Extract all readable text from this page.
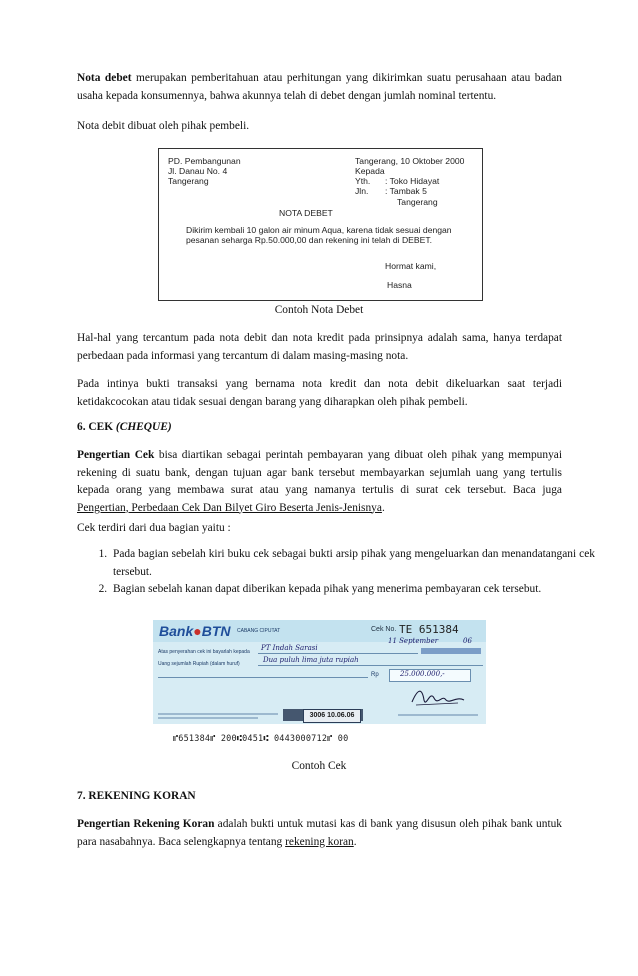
Nota debet merupakan pemberitahuan atau perhitungan yang dikirimkan suatu perusahaan atau badan usaha kepada konsumennya, bahwa akunnya telah di debet dengan jumlah nominal tertentu.

Nota debit dibuat oleh pihak pembeli.

PD. Pembangunan
Jl. Danau No. 4
Tangerang
Tangerang, 10 Oktober 2000
Kepada
Yth. : Toko Hidayat
Jln. : Tambak 5
Tangerang
NOTA DEBET
Dikirim kembali 10 galon air minum Aqua, karena tidak sesuai dengan
pesanan seharga Rp.50.000,00 dan rekening ini telah di DEBET.
Hormat kami,
Hasna
Contoh Nota Debet

Hal-hal yang tercantum pada nota debit dan nota kredit pada prinsipnya adalah sama, hanya terdapat perbedaan pada informasi yang tercantum di dalam masing-masing nota.

Pada intinya bukti transaksi yang bernama nota kredit dan nota debit dikeluarkan saat terjadi ketidakcocokan atau tidak sesuai dengan barang yang diharapkan oleh pihak pembeli.

6. CEK (CHEQUE)

Pengertian Cek bisa diartikan sebagai perintah pembayaran yang dibuat oleh pihak yang mempunyai rekening di suatu bank, dengan tujuan agar bank tersebut membayarkan sejumlah uang yang tertulis kepada orang yang membawa surat atau yang namanya tertulis di surat cek tersebut. Baca juga Pengertian, Perbedaan Cek Dan Bilyet Giro Beserta Jenis-Jenisnya.

Cek terdiri dari dua bagian yaitu :

1. Pada bagian sebelah kiri buku cek sebagai bukti arsip pihak yang mengeluarkan dan menandatangani cek tersebut.
2. Bagian sebelah kanan dapat diberikan kepada pihak yang menerima pembayaran cek tersebut.
Bank●BTN CABANG CIPUTAT	Cek No. TE 651384
11 September	06
Atas penyerahan cek ini bayarlah kepada PT Indah Sarasi
Uang sejumlah Rupiah (dalam huruf)	Dua puluh lima juta rupiah
Rp	25.000.000,-
3006 10.06.06
⑈651384⑈ 200⑆0451⑆ 0443000712⑈ 00
Contoh Cek
7. REKENING KORAN

Pengertian Rekening Koran adalah bukti untuk mutasi kas di bank yang disusun oleh pihak bank untuk para nasabahnya. Baca selengkapnya tentang rekening koran.
